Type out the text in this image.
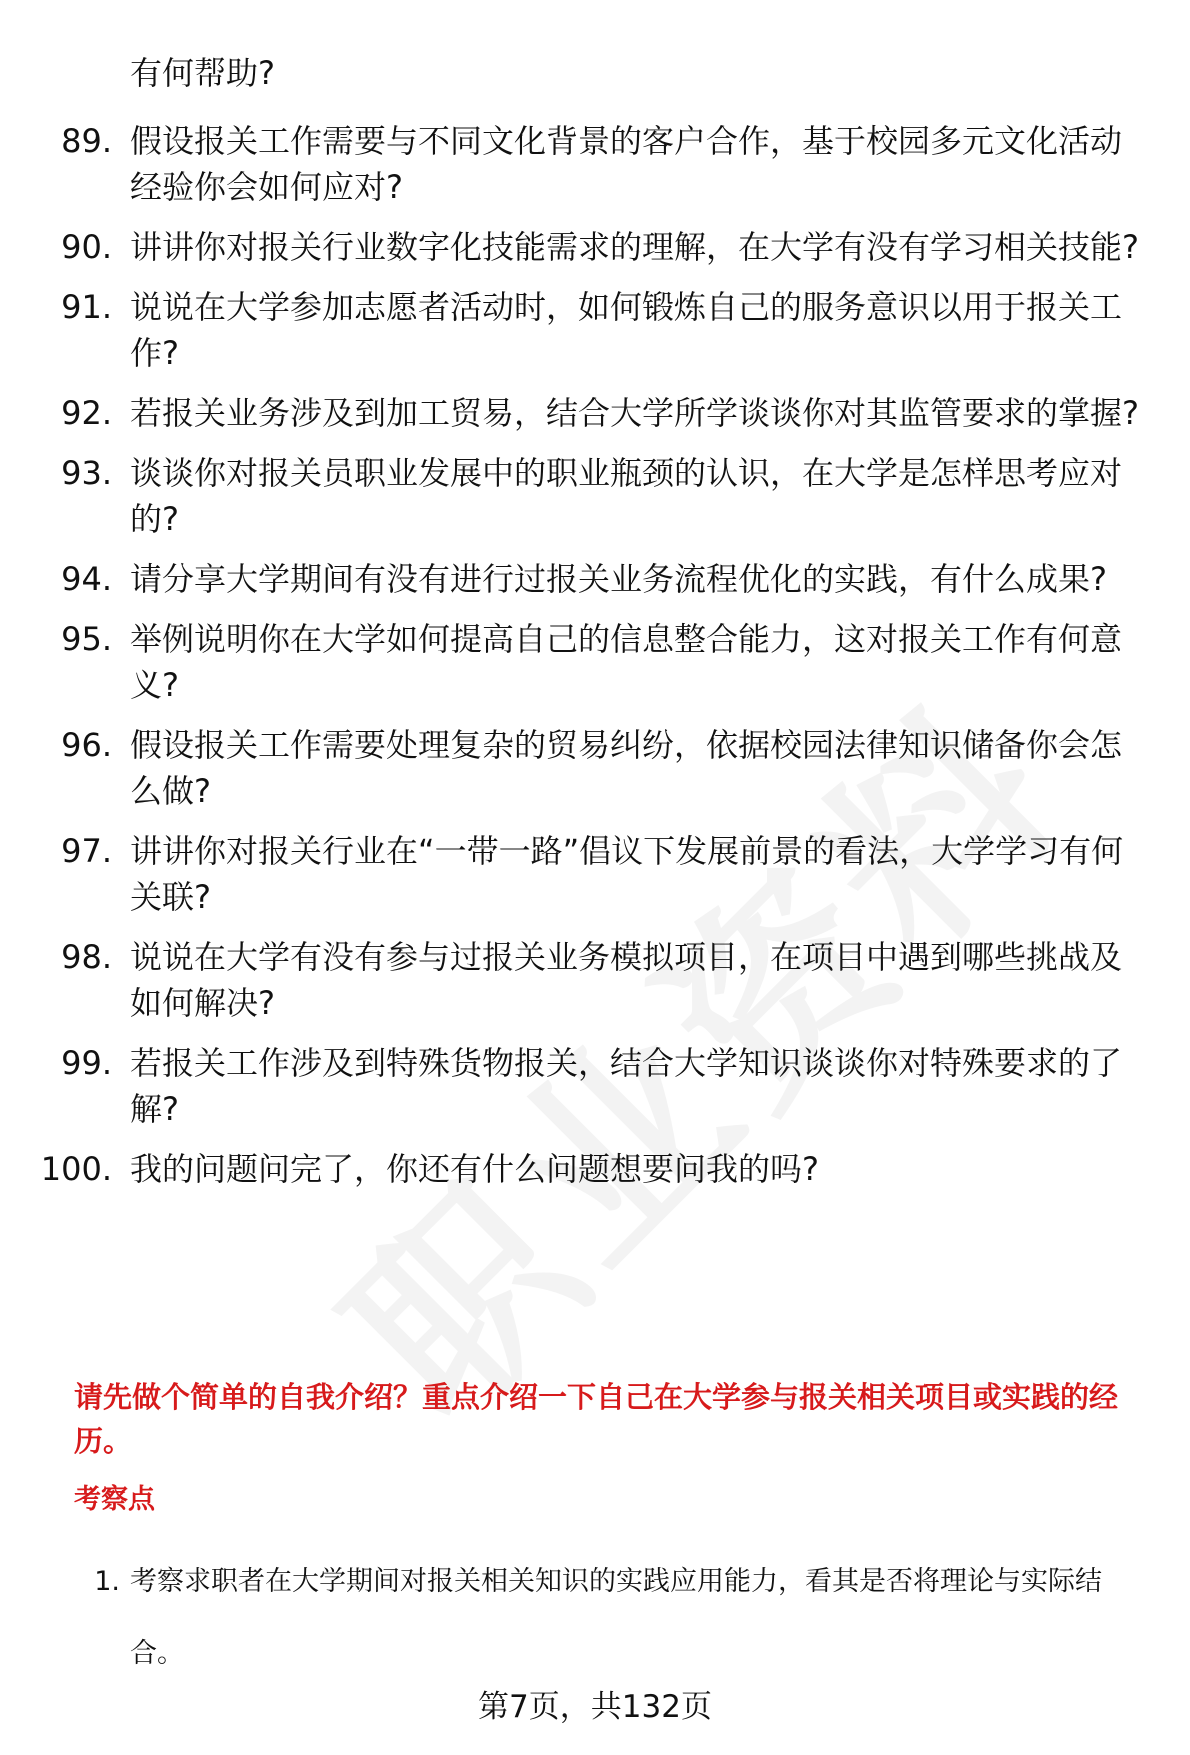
有何帮助?
89. 假设报关工作需要与不同文化背景的客户合作，基于校园多元文化活动经验你会如何应对?
90. 讲讲你对报关行业数字化技能需求的理解，在大学有没有学习相关技能?
91. 说说在大学参加志愿者活动时，如何锻炼自己的服务意识以用于报关工作?
92. 若报关业务涉及到加工贸易，结合大学所学谈谈你对其监管要求的掌握?
93. 谈谈你对报关员职业发展中的职业瓶颈的认识，在大学是怎样思考应对的?
94. 请分享大学期间有没有进行过报关业务流程优化的实践，有什么成果?
95. 举例说明你在大学如何提高自己的信息整合能力，这对报关工作有何意义?
96. 假设报关工作需要处理复杂的贸易纠纷，依据校园法律知识储备你会怎么做?
97. 讲讲你对报关行业在“一带一路”倡议下发展前景的看法，大学学习有何关联?
98. 说说在大学有没有参与过报关业务模拟项目，在项目中遇到哪些挑战及如何解决?
99. 若报关工作涉及到特殊货物报关，结合大学知识谈谈你对特殊要求的了解?
100. 我的问题问完了，你还有什么问题想要问我的吗?
请先做个简单的自我介绍？重点介绍一下自己在大学参与报关相关项目或实践的经历。
考察点
1. 考察求职者在大学期间对报关相关知识的实践应用能力，看其是否将理论与实际结合。
第7页，共132页
